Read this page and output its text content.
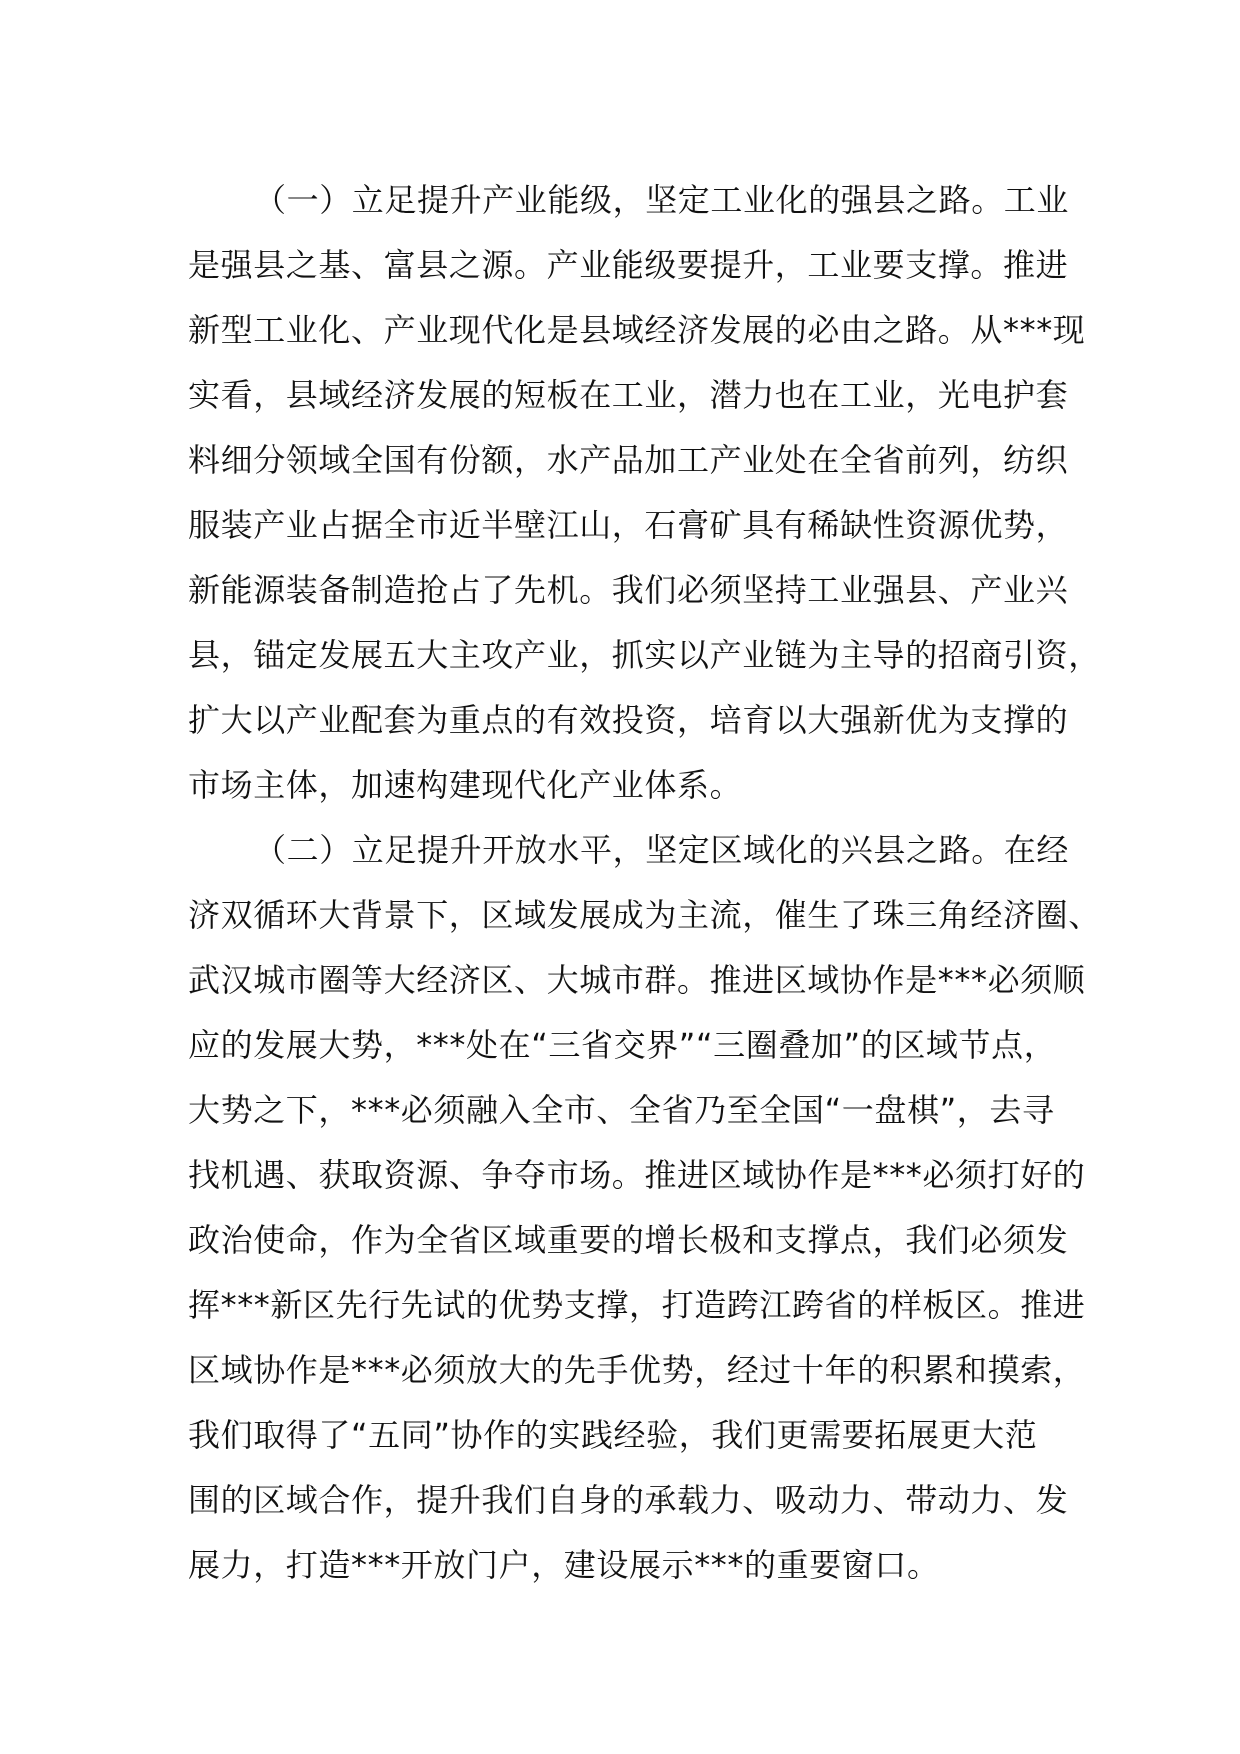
（一）立足提升产业能级，坚定工业化的强县之路。工业
是强县之基、富县之源。产业能级要提升，工业要支撑。推进
新型工业化、产业现代化是县域经济发展的必由之路。从***现
实看，县域经济发展的短板在工业，潜力也在工业，光电护套
料细分领域全国有份额，水产品加工产业处在全省前列，纺织
服装产业占据全市近半壁江山，石膏矿具有稀缺性资源优势，
新能源装备制造抢占了先机。我们必须坚持工业强县、产业兴
县，锚定发展五大主攻产业，抓实以产业链为主导的招商引资，
扩大以产业配套为重点的有效投资，培育以大强新优为支撑的
市场主体，加速构建现代化产业体系。
（二）立足提升开放水平，坚定区域化的兴县之路。在经
济双循环大背景下，区域发展成为主流，催生了珠三角经济圈、
武汉城市圈等大经济区、大城市群。推进区域协作是***必须顺
应的发展大势，***处在“三省交界”“三圈叠加”的区域节点，
大势之下，***必须融入全市、全省乃至全国“一盘棋”，去寻
找机遇、获取资源、争夺市场。推进区域协作是***必须打好的
政治使命，作为全省区域重要的增长极和支撑点，我们必须发
挥***新区先行先试的优势支撑，打造跨江跨省的样板区。推进
区域协作是***必须放大的先手优势，经过十年的积累和摸索，
我们取得了“五同”协作的实践经验，我们更需要拓展更大范
围的区域合作，提升我们自身的承载力、吸动力、带动力、发
展力，打造***开放门户，建设展示***的重要窗口。
